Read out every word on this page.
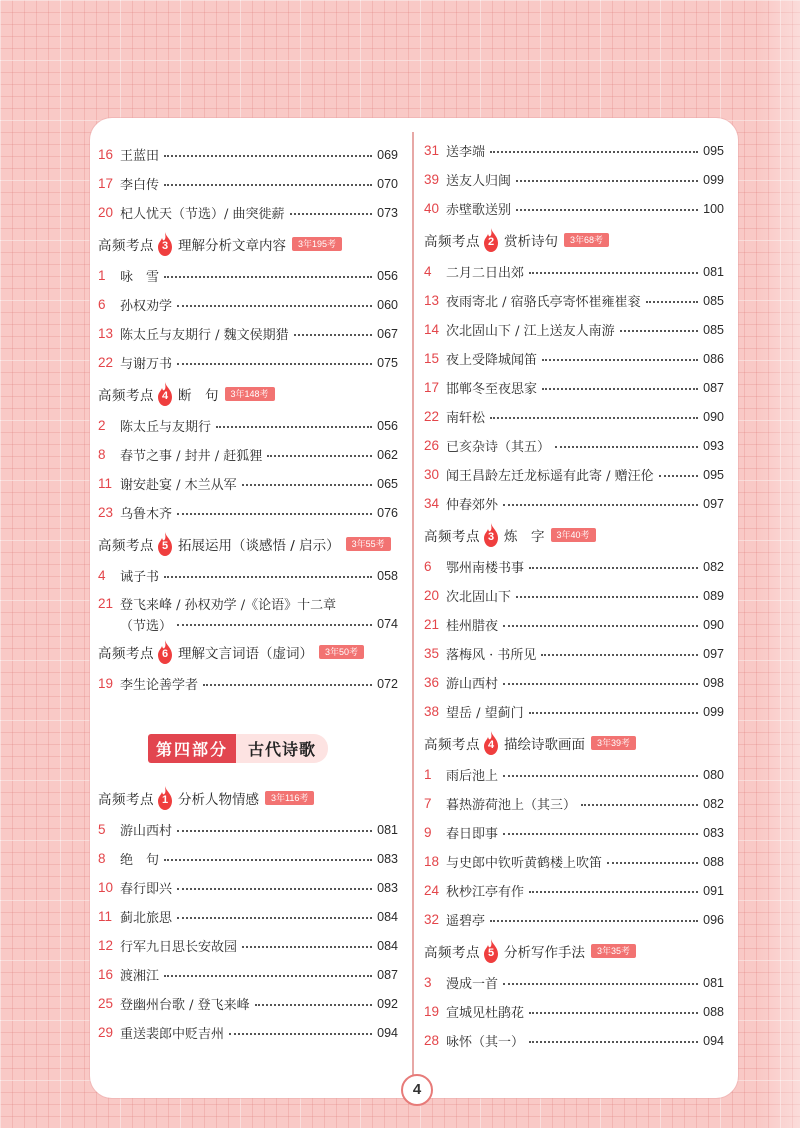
16 王蓝田	069
17 李白传	070
20 杞人忧天（节选）/ 曲突徙薪	073
高频考点 3 理解分析文章内容	3年195考
1	咏　雪	056
6	孙权劝学	060
13 陈太丘与友期行 / 魏文侯期猎	067
22 与谢万书	075
高频考点 4 断　句	3年148考
2	陈太丘与友期行	056
8	春节之事 / 封井 / 赶狐狸	062
11 谢安赴宴 / 木兰从军	065
23 乌鲁木齐	076
高频考点 5 拓展运用（谈感悟 / 启示）	3年55考
4	诫子书	058
21 登飞来峰 / 孙权劝学 /《论语》十二章
（节选）	074
高频考点 6 理解文言词语（虚词）	3年50考
19 李生论善学者	072
第四部分	古代诗歌
高频考点 1 分析人物情感	3年116考
5	游山西村	081
8	绝　句	083
10 春行即兴	083
11 蓟北旅思	084
12 行军九日思长安故园	084
16 渡湘江	087
25 登幽州台歌 / 登飞来峰	092
29 重送裴郎中贬吉州	094
31 送李端	095
39 送友人归闽	099
40 赤壁歌送别	100
高频考点 2 赏析诗句	3年68考
4	二月二日出郊	081
13 夜雨寄北 / 宿骆氏亭寄怀崔雍崔衮	085
14 次北固山下 / 江上送友人南游	085
15 夜上受降城闻笛	086
17 邯郸冬至夜思家	087
22 南轩松	090
26 已亥杂诗（其五）	093
30 闻王昌龄左迁龙标遥有此寄 / 赠汪伦	095
34 仲春郊外	097
高频考点 3 炼　字	3年40考
6	鄂州南楼书事	082
20 次北固山下	089
21 桂州腊夜	090
35 落梅风 · 书所见	097
36 游山西村	098
38 望岳 / 望蓟门	099
高频考点 4 描绘诗歌画面	3年39考
1	雨后池上	080
7	暮热游荷池上（其三）	082
9	春日即事	083
18 与史郎中钦听黄鹤楼上吹笛	088
24 秋杪江亭有作	091
32 遥碧亭	096
高频考点 5 分析写作手法	3年35考
3	漫成一首	081
19 宣城见杜鹃花	088
28 咏怀（其一）	094
4
